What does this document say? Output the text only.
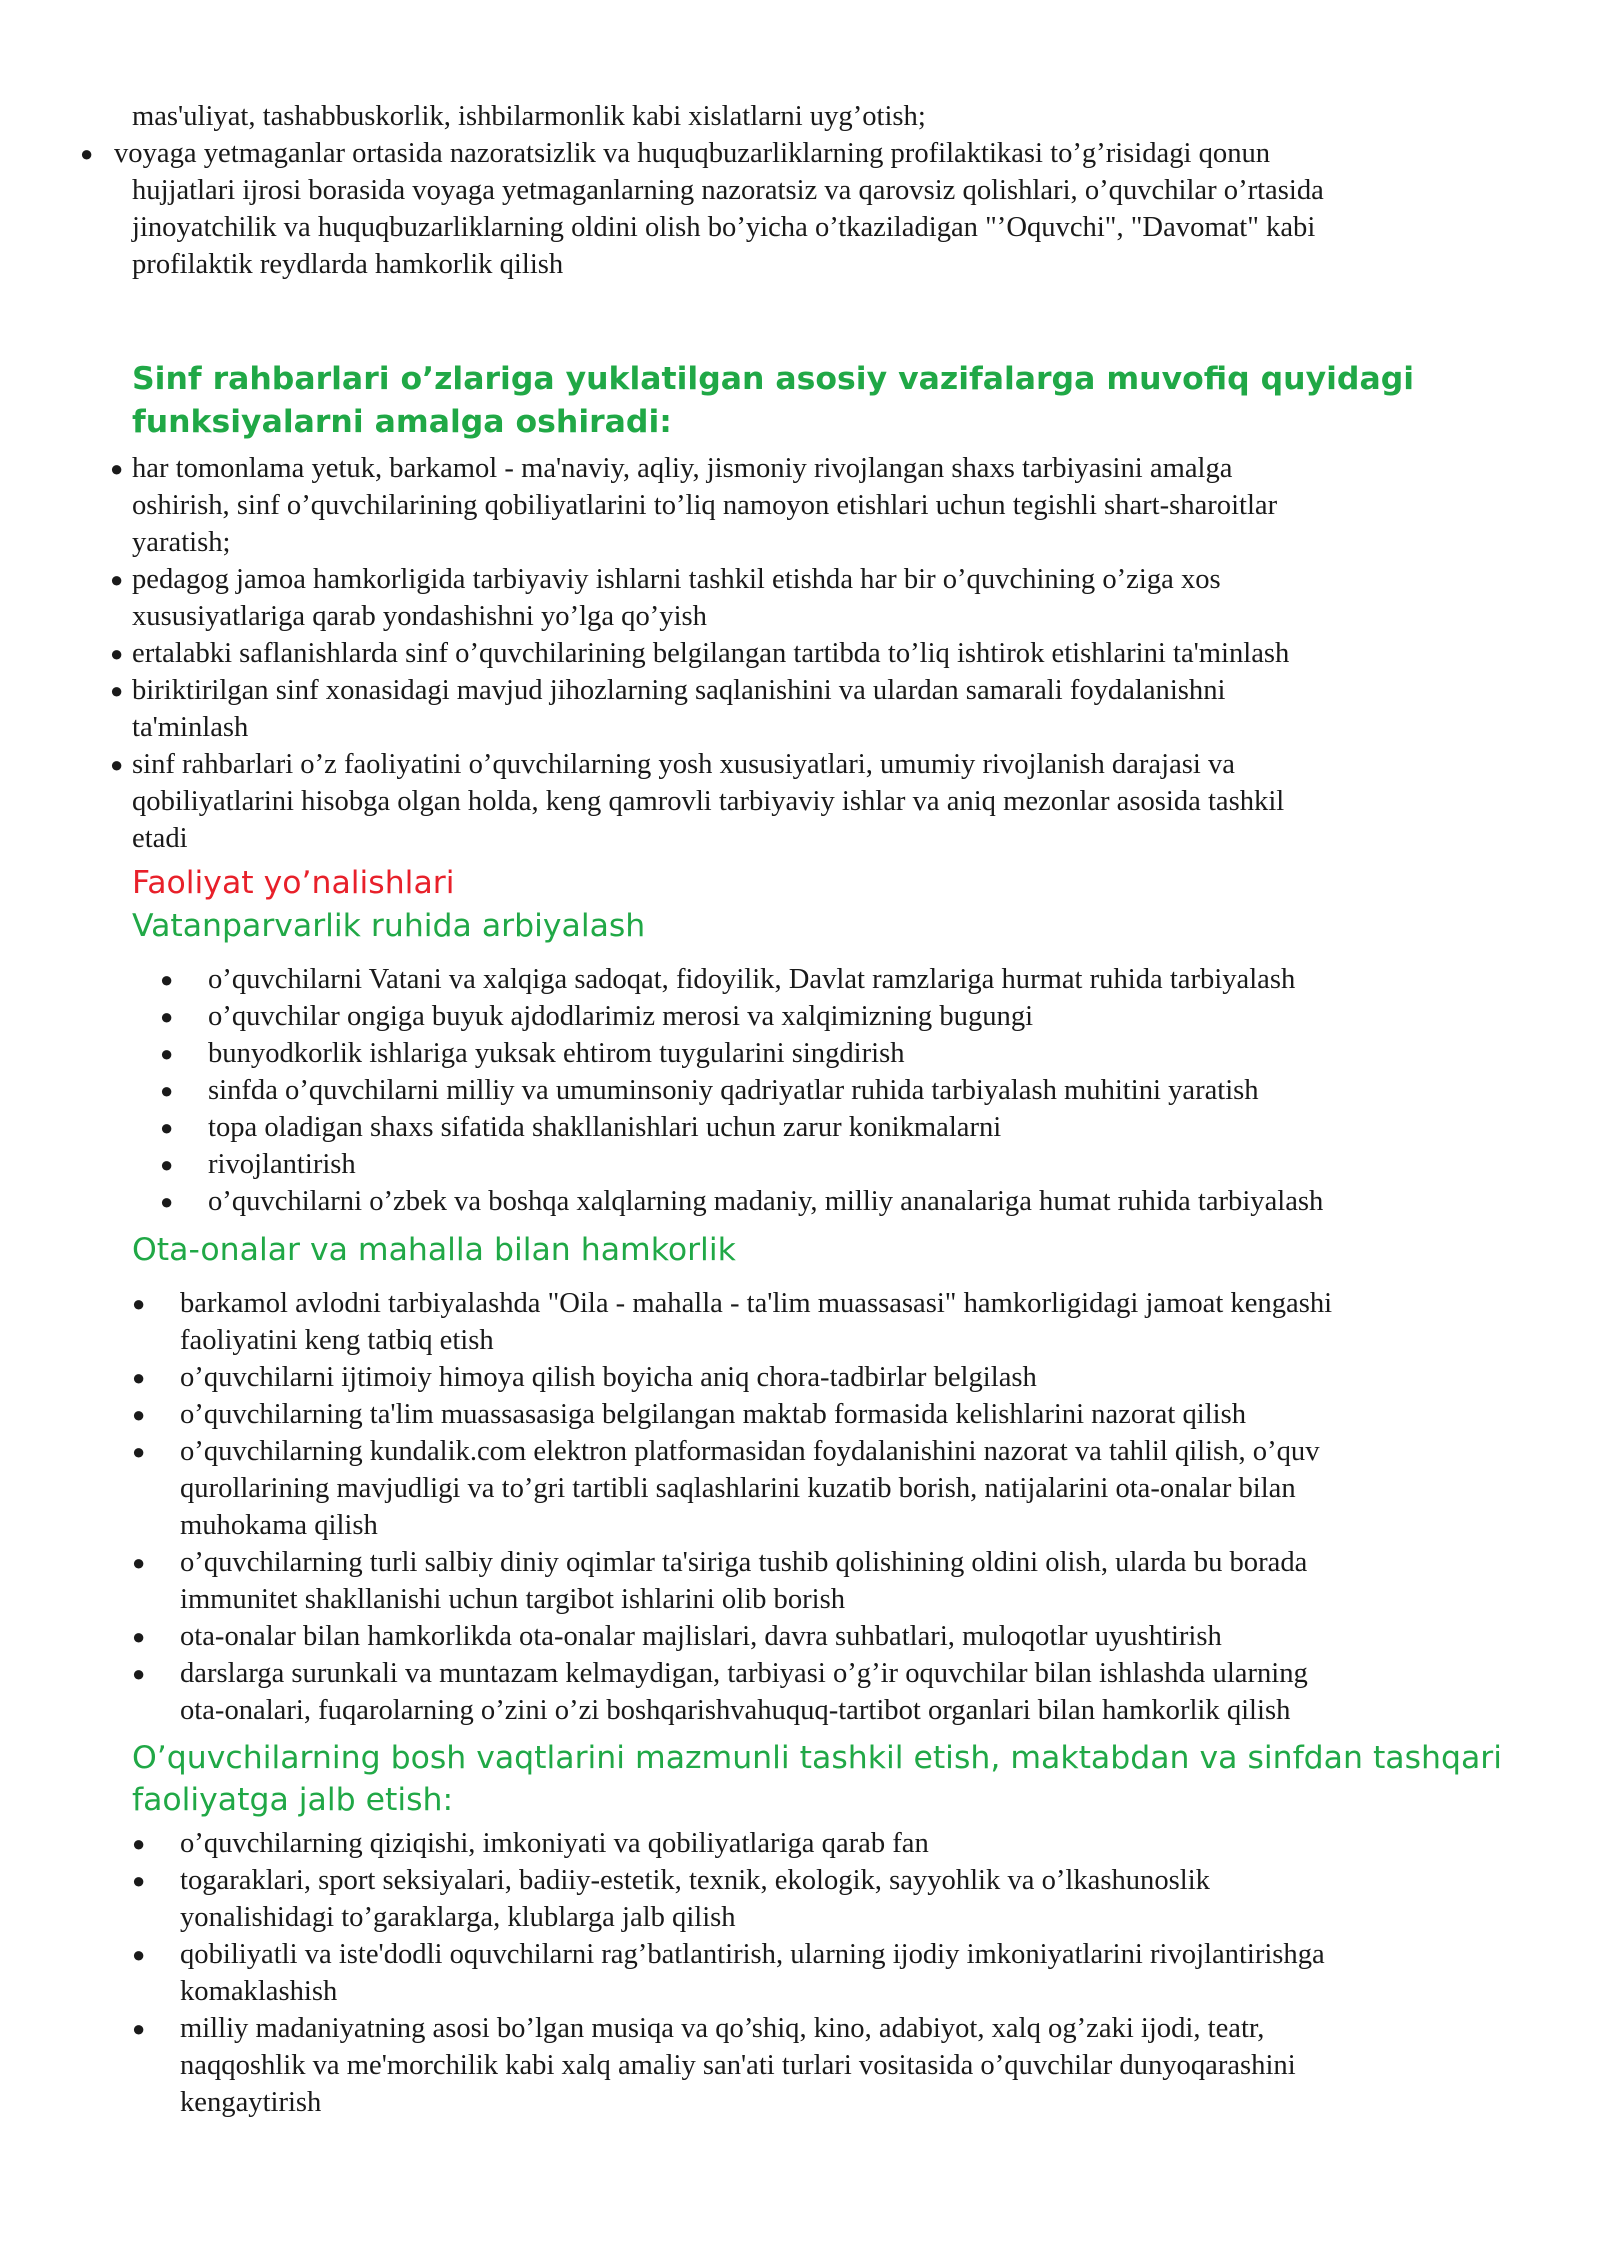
mas'uliyat, tashabbuskorlik, ishbilarmonlik kabi xislatlarni uyg’otish;
● voyaga yetmaganlar ortasida nazoratsizlik va huquqbuzarliklarning profilaktikasi to’g’risidagi qonun
hujjatlari ijrosi borasida voyaga yetmaganlarning nazoratsiz va qarovsiz qolishlari, o’quvchilar o’rtasida
jinoyatchilik va huquqbuzarliklarning oldini olish bo’yicha o’tkaziladigan "’Oquvchi", "Davomat" kabi
profilaktik reydlarda hamkorlik qilish
Sinf rahbarlari o’zlariga yuklatilgan asosiy vazifalarga muvofiq quyidagi
funksiyalarni amalga oshiradi:
● har tomonlama yetuk, barkamol - ma'naviy, aqliy, jismoniy rivojlangan shaxs tarbiyasini amalga
oshirish, sinf o’quvchilarining qobiliyatlarini to’liq namoyon etishlari uchun tegishli shart-sharoitlar
yaratish;
● pedagog jamoa hamkorligida tarbiyaviy ishlarni tashkil etishda har bir o’quvchining o’ziga xos
xususiyatlariga qarab yondashishni yo’lga qo’yish
● ertalabki saflanishlarda sinf o’quvchilarining belgilangan tartibda to’liq ishtirok etishlarini ta'minlash
● biriktirilgan sinf xonasidagi mavjud jihozlarning saqlanishini va ulardan samarali foydalanishni
ta'minlash
● sinf rahbarlari o’z faoliyatini o’quvchilarning yosh xususiyatlari, umumiy rivojlanish darajasi va
qobiliyatlarini hisobga olgan holda, keng qamrovli tarbiyaviy ishlar va aniq mezonlar asosida tashkil
etadi
Faoliyat yo’nalishlari
Vatanparvarlik ruhida arbiyalash
● o’quvchilarni Vatani va xalqiga sadoqat, fidoyilik, Davlat ramzlariga hurmat ruhida tarbiyalash
● o’quvchilar ongiga buyuk ajdodlarimiz merosi va xalqimizning bugungi
● bunyodkorlik ishlariga yuksak ehtirom tuygularini singdirish
● sinfda o’quvchilarni milliy va umuminsoniy qadriyatlar ruhida tarbiyalash muhitini yaratish
● topa oladigan shaxs sifatida shakllanishlari uchun zarur konikmalarni
● rivojlantirish
● o’quvchilarni o’zbek va boshqa xalqlarning madaniy, milliy ananalariga humat ruhida tarbiyalash
Ota-onalar va mahalla bilan hamkorlik
● barkamol avlodni tarbiyalashda "Oila - mahalla - ta'lim muassasasi" hamkorligidagi jamoat kengashi
faoliyatini keng tatbiq etish
● o’quvchilarni ijtimoiy himoya qilish boyicha aniq chora-tadbirlar belgilash
● o’quvchilarning ta'lim muassasasiga belgilangan maktab formasida kelishlarini nazorat qilish
● o’quvchilarning kundalik.com elektron platformasidan foydalanishini nazorat va tahlil qilish, o’quv
qurollarining mavjudligi va to’gri tartibli saqlashlarini kuzatib borish, natijalarini ota-onalar bilan
muhokama qilish
● o’quvchilarning turli salbiy diniy oqimlar ta'siriga tushib qolishining oldini olish, ularda bu borada
immunitet shakllanishi uchun targibot ishlarini olib borish
● ota-onalar bilan hamkorlikda ota-onalar majlislari, davra suhbatlari, muloqotlar uyushtirish
● darslarga surunkali va muntazam kelmaydigan, tarbiyasi o’g’ir oquvchilar bilan ishlashda ularning
ota-onalari, fuqarolarning o’zini o’zi boshqarishvahuquq-tartibot organlari bilan hamkorlik qilish
O’quvchilarning bosh vaqtlarini mazmunli tashkil etish, maktabdan va sinfdan tashqari
faoliyatga jalb etish:
● o’quvchilarning qiziqishi, imkoniyati va qobiliyatlariga qarab fan
● togaraklari, sport seksiyalari, badiiy-estetik, texnik, ekologik, sayyohlik va o’lkashunoslik
yonalishidagi to’garaklarga, klublarga jalb qilish
● qobiliyatli va iste'dodli oquvchilarni rag’batlantirish, ularning ijodiy imkoniyatlarini rivojlantirishga
komaklashish
● milliy madaniyatning asosi bo’lgan musiqa va qo’shiq, kino, adabiyot, xalq og’zaki ijodi, teatr,
naqqoshlik va me'morchilik kabi xalq amaliy san'ati turlari vositasida o’quvchilar dunyoqarashini
kengaytirish
